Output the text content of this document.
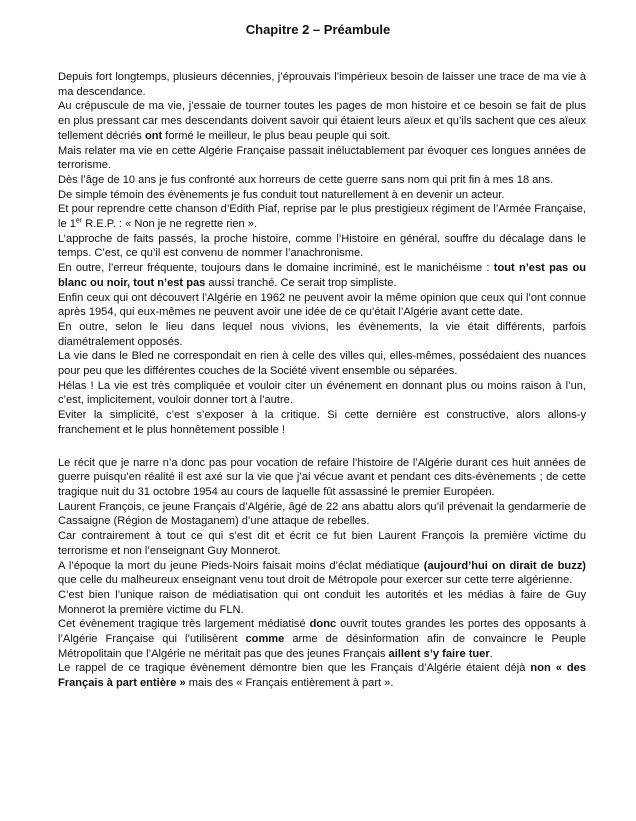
Chapitre 2 – Préambule

Depuis fort longtemps, plusieurs décennies, j’éprouvais l’impérieux besoin de laisser une trace de ma vie à ma descendance.

Au crépuscule de ma vie, j’essaie de tourner toutes les pages de mon histoire et ce besoin se fait de plus en plus pressant car mes descendants doivent savoir qui étaient leurs aïeux et qu’ils sachent que ces aïeux tellement décriés ont formé le meilleur, le plus beau peuple qui soit.

Mais relater ma vie en cette Algérie Française passait inéluctablement par évoquer ces longues années de terrorisme.

Dès l’âge de 10 ans je fus confronté aux horreurs de cette guerre sans nom qui prit fin à mes 18 ans.

De simple témoin des évènements je fus conduit tout naturellement à en devenir un acteur.

Et pour reprendre cette chanson d’Edith Piaf, reprise par le plus prestigieux régiment de l’Armée Française, le 1er R.E.P. : « Non je ne regrette rien ».

L’approche de faits passés, la proche histoire, comme l’Histoire en général, souffre du décalage dans le temps. C’est, ce qu’il est convenu de nommer l’anachronisme.

En outre, l’erreur fréquente, toujours dans le domaine incriminé, est le manichéisme : tout n’est pas ou blanc ou noir, tout n’est pas aussi tranché. Ce serait trop simpliste.

Enfin ceux qui ont découvert l’Algérie en 1962 ne peuvent avoir la même opinion que ceux qui l’ont connue après 1954, qui eux-mêmes ne peuvent avoir une idée de ce qu’était l’Algérie avant cette date.

En outre, selon le lieu dans lequel nous vivions, les évènements, la vie était différents, parfois diamétralement opposés.

La vie dans le Bled ne correspondait en rien à celle des villes qui, elles-mêmes, possédaient des nuances pour peu que les différentes couches de la Société vivent ensemble ou séparées.

Hélas ! La vie est très compliquée et vouloir citer un événement en donnant plus ou moins raison à l’un, c’est, implicitement, vouloir donner tort à l’autre.

Eviter la simplicité, c’est s’exposer à la critique. Si cette dernière est constructive, alors allons-y franchement et le plus honnêtement possible !

Le récit que je narre n’a donc pas pour vocation de refaire l’histoire de l’Algérie durant ces huit années de guerre puisqu’en réalité il est axé sur la vie que j’ai vécue avant et pendant ces dits-évènements ; de cette tragique nuit du 31 octobre 1954 au cours de laquelle fût assassiné le premier Européen.

Laurent François, ce jeune Français d’Algérie, âgé de 22 ans abattu alors qu’il prévenait la gendarmerie de Cassaigne (Région de Mostaganem) d’une attaque de rebelles.

Car contrairement à tout ce qui s’est dit et écrit ce fut bien Laurent François la première victime du terrorisme et non l’enseignant Guy Monnerot.

A l’époque la mort du jeune Pieds-Noirs faisait moins d’éclat médiatique (aujourd’hui on dirait de buzz) que celle du malheureux enseignant venu tout droit de Métropole pour exercer sur cette terre algérienne.

C’est bien l’unique raison de médiatisation qui ont conduit les autorités et les médias à faire de Guy Monnerot la première victime du FLN.

Cet évènement tragique très largement médiatisé donc ouvrit toutes grandes les portes des opposants à l’Algérie Française qui l’utilisèrent comme arme de désinformation afin de convaincre le Peuple Métropolitain que l’Algérie ne méritait pas que des jeunes Français aillent s’y faire tuer.

Le rappel de ce tragique évènement démontre bien que les Français d’Algérie étaient déjà non « des Français à part entière » mais des « Français entièrement à part ».
